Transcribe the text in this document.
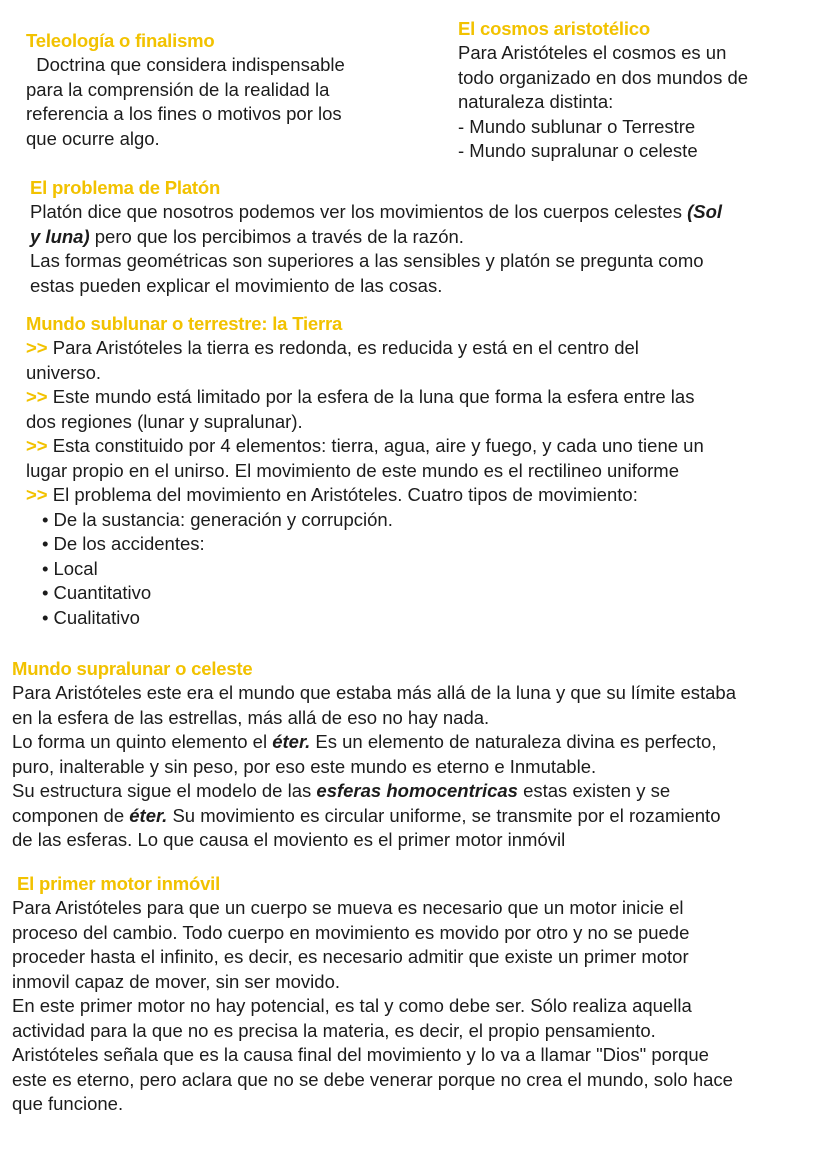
Teleología o finalismo
Doctrina que considera indispensable
para la comprensión de la realidad la
referencia a los fines o motivos por los
que ocurre algo.
El cosmos aristotélico
Para Aristóteles el cosmos es un
todo organizado en dos mundos de
naturaleza distinta:
- Mundo sublunar o Terrestre
- Mundo supralunar o celeste
El problema de Platón
Platón dice que nosotros podemos ver los movimientos de los cuerpos celestes (Sol
y luna) pero que los percibimos a través de la razón.
Las formas geométricas son superiores a las sensibles y platón se pregunta como
estas pueden explicar el movimiento de las cosas.
Mundo sublunar o terrestre: la Tierra
>> Para Aristóteles la tierra es redonda, es reducida y está en el centro del
universo.
>> Este mundo está limitado por la esfera de la luna que forma la esfera entre las
dos regiones (lunar y supralunar).
>> Esta constituido por 4 elementos: tierra, agua, aire y fuego, y cada uno tiene un
lugar propio en el unirso. El movimiento de este mundo es el rectilineo uniforme
>> El problema del movimiento en Aristóteles. Cuatro tipos de movimiento:
• De la sustancia: generación y corrupción.
• De los accidentes:
• Local
• Cuantitativo
• Cualitativo
Mundo supralunar o celeste
Para Aristóteles este era el mundo que estaba más allá de la luna y que su límite estaba
en la esfera de las estrellas, más allá de eso no hay nada.
Lo forma un quinto elemento el éter. Es un elemento de naturaleza divina es perfecto,
puro, inalterable y sin peso, por eso este mundo es eterno e Inmutable.
Su estructura sigue el modelo de las esferas homocentricas estas existen y se
componen de éter. Su movimiento es circular uniforme, se transmite por el rozamiento
de las esferas. Lo que causa el moviento es el primer motor inmóvil
El primer motor inmóvil
Para Aristóteles para que un cuerpo se mueva es necesario que un motor inicie el
proceso del cambio. Todo cuerpo en movimiento es movido por otro y no se puede
proceder hasta el infinito, es decir, es necesario admitir que existe un primer motor
inmovil capaz de mover, sin ser movido.
En este primer motor no hay potencial, es tal y como debe ser. Sólo realiza aquella
actividad para la que no es precisa la materia, es decir, el propio pensamiento.
Aristóteles señala que es la causa final del movimiento y lo va a llamar "Dios" porque
este es eterno, pero aclara que no se debe venerar porque no crea el mundo, solo hace
que funcione.
